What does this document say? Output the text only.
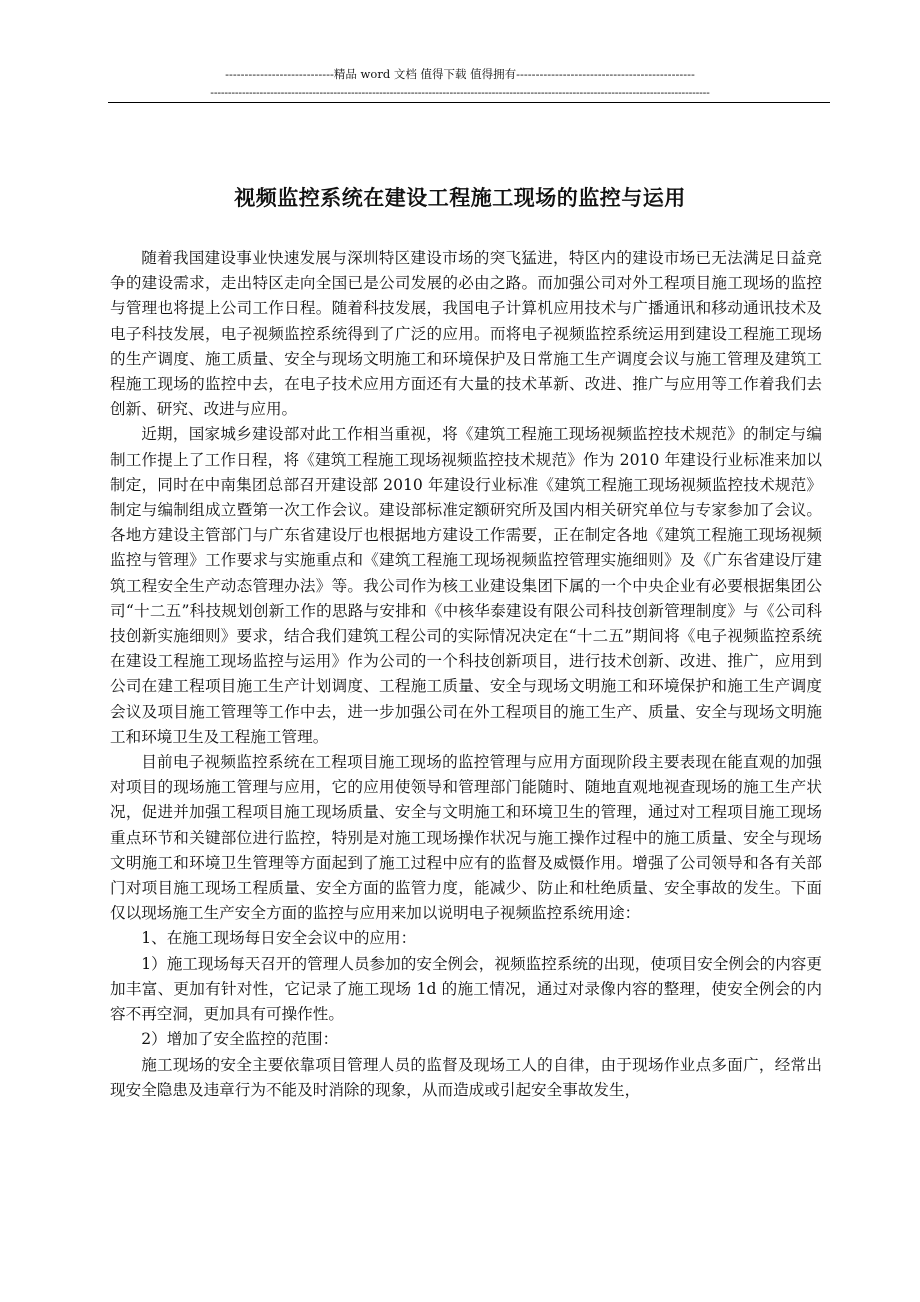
----------------------------精品 word 文档 值得下载 值得拥有----------------------------------------------
----------------------------------------------------------------------------------------------------------------------------------------------
视频监控系统在建设工程施工现场的监控与运用

随着我国建设事业快速发展与深圳特区建设市场的突飞猛进，特区内的建设市场已无法满足日益竞争的建设需求，走出特区走向全国已是公司发展的必由之路。而加强公司对外工程项目施工现场的监控与管理也将提上公司工作日程。随着科技发展，我国电子计算机应用技术与广播通讯和移动通讯技术及电子科技发展，电子视频监控系统得到了广泛的应用。而将电子视频监控系统运用到建设工程施工现场的生产调度、施工质量、安全与现场文明施工和环境保护及日常施工生产调度会议与施工管理及建筑工程施工现场的监控中去，在电子技术应用方面还有大量的技术革新、改进、推广与应用等工作着我们去创新、研究、改进与应用。

近期，国家城乡建设部对此工作相当重视，将《建筑工程施工现场视频监控技术规范》的制定与编制工作提上了工作日程，将《建筑工程施工现场视频监控技术规范》作为 2010 年建设行业标准来加以制定，同时在中南集团总部召开建设部 2010 年建设行业标准《建筑工程施工现场视频监控技术规范》制定与编制组成立暨第一次工作会议。建设部标准定额研究所及国内相关研究单位与专家参加了会议。各地方建设主管部门与广东省建设厅也根据地方建设工作需要，正在制定各地《建筑工程施工现场视频监控与管理》工作要求与实施重点和《建筑工程施工现场视频监控管理实施细则》及《广东省建设厅建筑工程安全生产动态管理办法》等。我公司作为核工业建设集团下属的一个中央企业有必要根据集团公司“十二五”科技规划创新工作的思路与安排和《中核华泰建设有限公司科技创新管理制度》与《公司科技创新实施细则》要求，结合我们建筑工程公司的实际情况决定在“十二五”期间将《电子视频监控系统在建设工程施工现场监控与运用》作为公司的一个科技创新项目，进行技术创新、改进、推广，应用到公司在建工程项目施工生产计划调度、工程施工质量、安全与现场文明施工和环境保护和施工生产调度会议及项目施工管理等工作中去，进一步加强公司在外工程项目的施工生产、质量、安全与现场文明施工和环境卫生及工程施工管理。

目前电子视频监控系统在工程项目施工现场的监控管理与应用方面现阶段主要表现在能直观的加强对项目的现场施工管理与应用，它的应用使领导和管理部门能随时、随地直观地视查现场的施工生产状况，促进并加强工程项目施工现场质量、安全与文明施工和环境卫生的管理，通过对工程项目施工现场重点环节和关键部位进行监控，特别是对施工现场操作状况与施工操作过程中的施工质量、安全与现场文明施工和环境卫生管理等方面起到了施工过程中应有的监督及威慑作用。增强了公司领导和各有关部门对项目施工现场工程质量、安全方面的监管力度，能减少、防止和杜绝质量、安全事故的发生。下面仅以现场施工生产安全方面的监控与应用来加以说明电子视频监控系统用途：

1、在施工现场每日安全会议中的应用：

1）施工现场每天召开的管理人员参加的安全例会，视频监控系统的出现，使项目安全例会的内容更加丰富、更加有针对性，它记录了施工现场 1d 的施工情况，通过对录像内容的整理，使安全例会的内容不再空洞，更加具有可操作性。

2）增加了安全监控的范围：

施工现场的安全主要依靠项目管理人员的监督及现场工人的自律，由于现场作业点多面广，经常出现安全隐患及违章行为不能及时消除的现象，从而造成或引起安全事故发生，
